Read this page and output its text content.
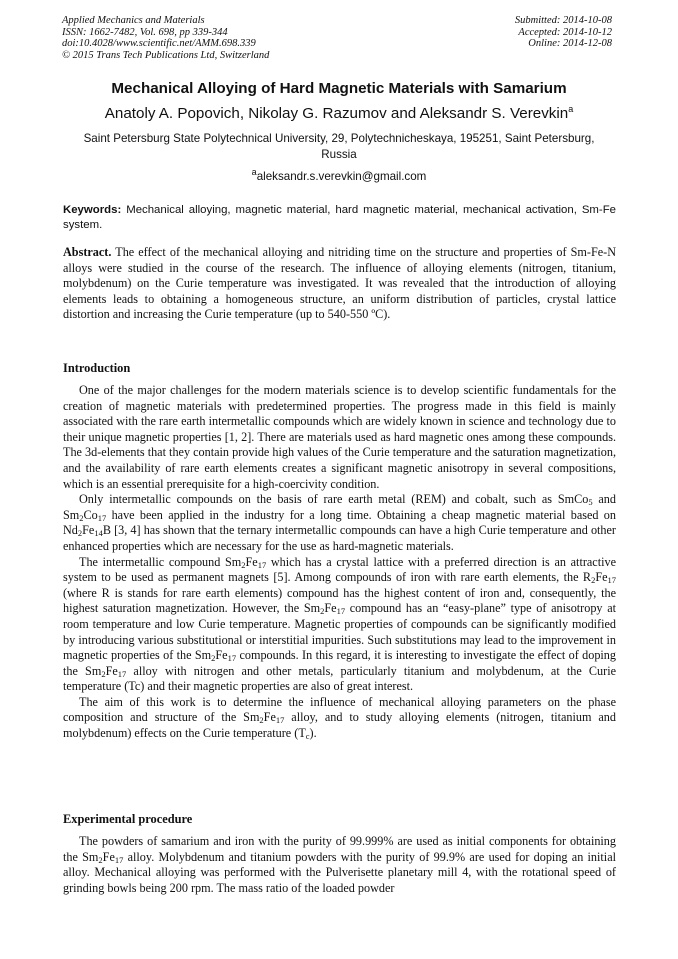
Applied Mechanics and Materials
ISSN: 1662-7482, Vol. 698, pp 339-344
doi:10.4028/www.scientific.net/AMM.698.339
© 2015 Trans Tech Publications Ltd, Switzerland
Submitted: 2014-10-08
Accepted: 2014-10-12
Online: 2014-12-08
Mechanical Alloying of Hard Magnetic Materials with Samarium
Anatoly A. Popovich, Nikolay G. Razumov and Aleksandr S. Verevkin$^a$
Saint Petersburg State Polytechnical University, 29, Polytechnicheskaya, 195251, Saint Petersburg, Russia
$^a$aleksandr.s.verevkin@gmail.com
Keywords: Mechanical alloying, magnetic material, hard magnetic material, mechanical activation, Sm-Fe system.

Abstract. The effect of the mechanical alloying and nitriding time on the structure and properties of Sm-Fe-N alloys were studied in the course of the research. The influence of alloying elements (nitrogen, titanium, molybdenum) on the Curie temperature was investigated. It was revealed that the introduction of alloying elements leads to obtaining a homogeneous structure, an uniform distribution of particles, crystal lattice distortion and increasing the Curie temperature (up to 540-550 ºC).

Introduction

One of the major challenges for the modern materials science is to develop scientific fundamentals for the creation of magnetic materials with predetermined properties. The progress made in this field is mainly associated with the rare earth intermetallic compounds which are widely known in science and technology due to their unique magnetic properties [1, 2]. There are materials used as hard magnetic ones among these compounds. The 3d-elements that they contain provide high values of the Curie temperature and the saturation magnetization, and the availability of rare earth elements creates a significant magnetic anisotropy in several compositions, which is an essential prerequisite for a high-coercivity condition.

Only intermetallic compounds on the basis of rare earth metal (REM) and cobalt, such as SmCo$_5$ and $Sm_2Co_{17}$ have been applied in the industry for a long time. Obtaining a cheap magnetic material based on $Nd_2Fe_{14}B$ [3, 4] has shown that the ternary intermetallic compounds can have a high Curie temperature and other enhanced properties which are necessary for the use as hard-magnetic materials.

The intermetallic compound $Sm_2Fe_{17}$ which has a crystal lattice with a preferred direction is an attractive system to be used as permanent magnets [5]. Among compounds of iron with rare earth elements, the $R_2Fe_{17}$ (where R is stands for rare earth elements) compound has the highest content of iron and, consequently, the highest saturation magnetization. However, the $Sm_2Fe_{17}$ compound has an “easy-plane” type of anisotropy at room temperature and low Curie temperature. Magnetic properties of compounds can be significantly modified by introducing various substitutional or interstitial impurities. Such substitutions may lead to the improvement in magnetic properties of the $Sm_2Fe_{17}$ compounds. In this regard, it is interesting to investigate the effect of doping the $Sm_2Fe_{17}$ alloy with nitrogen and other metals, particularly titanium and molybdenum, at the Curie temperature (Tc) and their magnetic properties are also of great interest.

The aim of this work is to determine the influence of mechanical alloying parameters on the phase composition and structure of the $Sm_2Fe_{17}$ alloy, and to study alloying elements (nitrogen, titanium and molybdenum) effects on the Curie temperature $(T_c)$.

Experimental procedure

The powders of samarium and iron with the purity of 99.999% are used as initial components for obtaining the $Sm_2Fe_{17}$ alloy. Molybdenum and titanium powders with the purity of 99.9% are used for doping an initial alloy. Mechanical alloying was performed with the Pulverisette planetary mill 4, with the rotational speed of grinding bowls being 200 rpm. The mass ratio of the loaded powder
